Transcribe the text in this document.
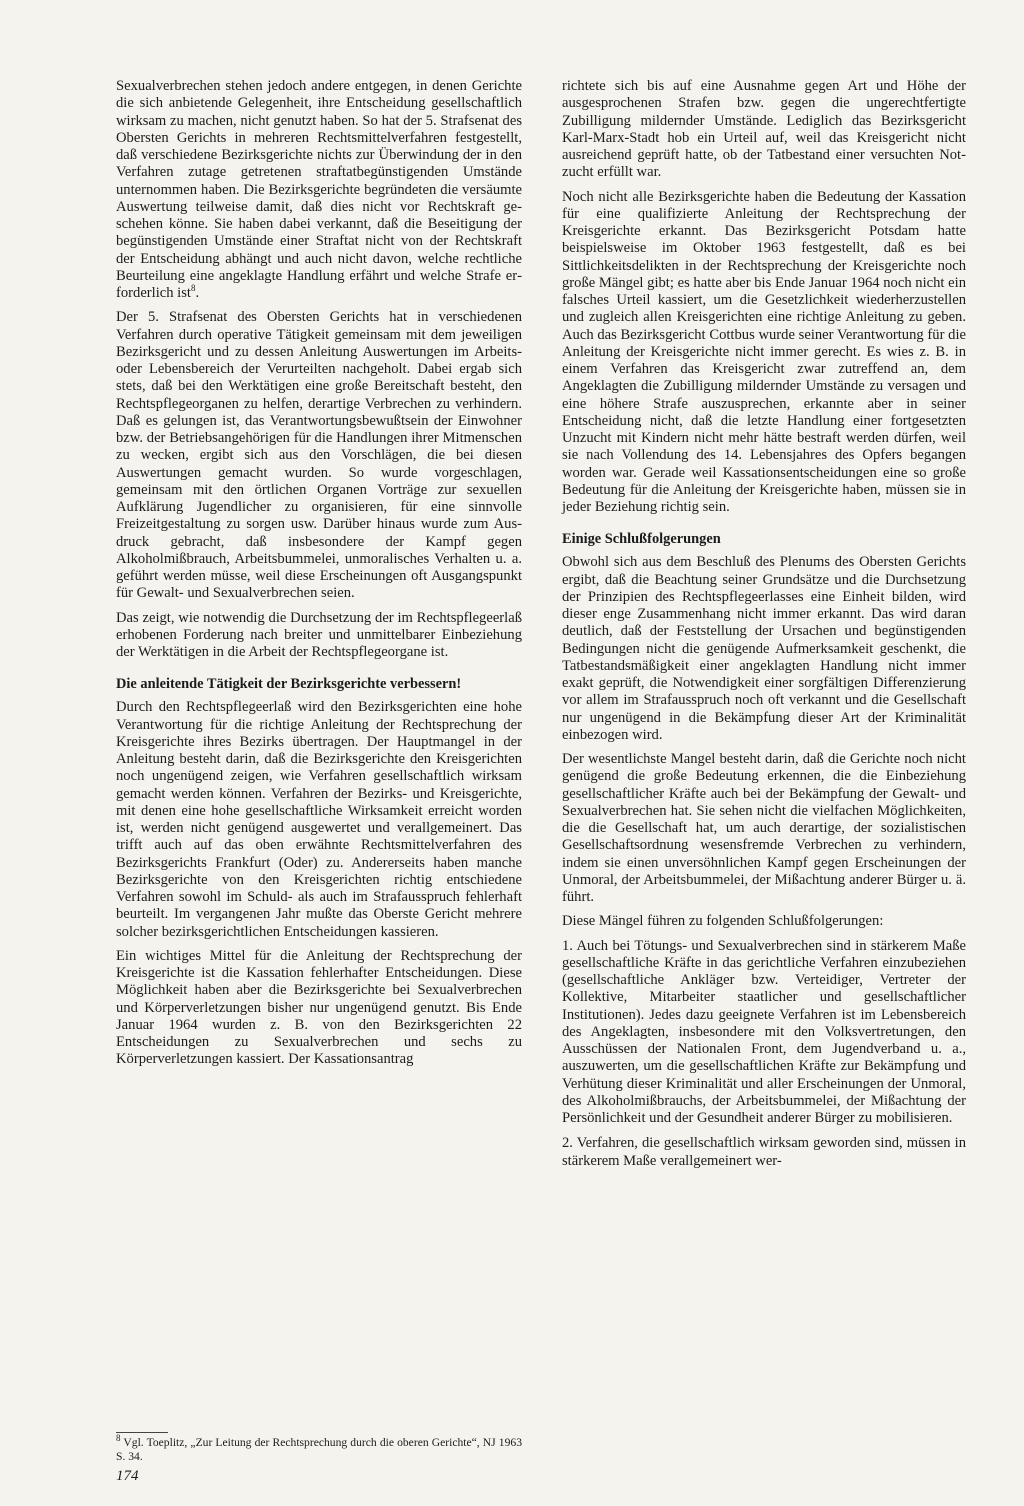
Sexualverbrechen stehen jedoch andere entgegen, in denen Gerichte die sich anbietende Gelegenheit, ihre Entscheidung gesellschaftlich wirksam zu machen, nicht genutzt haben. So hat der 5. Strafsenat des Obersten Gerichts in mehreren Rechtsmittelverfahren festgestellt, daß verschiedene Bezirksgerichte nichts zur Überwindung der in den Verfahren zutage getretenen straftatbegünstigenden Umstände unternommen haben. Die Bezirksgerichte begründeten die versäumte Auswertung teilweise damit, daß dies nicht vor Rechtskraft geschehen könne. Sie haben dabei verkannt, daß die Beseitigung der begünstigenden Umstände einer Straftat nicht von der Rechtskraft der Entscheidung abhängt und auch nicht davon, welche rechtliche Beurteilung eine angeklagte Handlung erfährt und welche Strafe erforderlich ist$^8$.

Der 5. Strafsenat des Obersten Gerichts hat in verschiedenen Verfahren durch operative Tätigkeit gemeinsam mit dem jeweiligen Bezirksgericht und zu dessen Anleitung Auswertungen im Arbeits- oder Lebensbereich der Verurteilten nachgeholt. Dabei ergab sich stets, daß bei den Werktätigen eine große Bereitschaft besteht, den Rechtspflegeorganen zu helfen, derartige Verbrechen zu verhindern. Daß es gelungen ist, das Verantwortungsbewußtsein der Einwohner bzw. der Betriebsangehörigen für die Handlungen ihrer Mitmenschen zu wecken, ergibt sich aus den Vorschlägen, die bei diesen Auswertungen gemacht wurden. So wurde vorgeschlagen, gemeinsam mit den örtlichen Organen Vorträge zur sexuellen Aufklärung Jugendlicher zu organisieren, für eine sinnvolle Freizeitgestaltung zu sorgen usw. Darüber hinaus wurde zum Ausdruck gebracht, daß insbesondere der Kampf gegen Alkoholmißbrauch, Arbeitsbummelei, unmoralisches Verhalten u. a. geführt werden müsse, weil diese Erscheinungen oft Ausgangspunkt für Gewalt- und Sexualverbrechen seien.

Das zeigt, wie notwendig die Durchsetzung der im Rechtspflegeerlaß erhobenen Forderung nach breiter und unmittelbarer Einbeziehung der Werktätigen in die Arbeit der Rechtspflegeorgane ist.

Die anleitende Tätigkeit der Bezirksgerichte verbessern!

Durch den Rechtspflegeerlaß wird den Bezirksgerichten eine hohe Verantwortung für die richtige Anleitung der Rechtsprechung der Kreisgerichte ihres Bezirks übertragen. Der Hauptmangel in der Anleitung besteht darin, daß die Bezirksgerichte den Kreisgerichten noch ungenügend zeigen, wie Verfahren gesellschaftlich wirksam gemacht werden können. Verfahren der Bezirks- und Kreisgerichte, mit denen eine hohe gesellschaftliche Wirksamkeit erreicht worden ist, werden nicht genügend ausgewertet und verallgemeinert. Das trifft auch auf das oben erwähnte Rechtsmittelverfahren des Bezirksgerichts Frankfurt (Oder) zu. Andererseits haben manche Bezirksgerichte von den Kreisgerichten richtig entschiedene Verfahren sowohl im Schuld- als auch im Strafausspruch fehlerhaft beurteilt. Im vergangenen Jahr mußte das Oberste Gericht mehrere solcher bezirksgerichtlichen Entscheidungen kassieren.

Ein wichtiges Mittel für die Anleitung der Rechtsprechung der Kreisgerichte ist die Kassation fehlerhafter Entscheidungen. Diese Möglichkeit haben aber die Bezirksgerichte bei Sexualverbrechen und Körperverletzungen bisher nur ungenügend genutzt. Bis Ende Januar 1964 wurden z. B. von den Bezirksgerichten 22 Entscheidungen zu Sexualverbrechen und sechs zu Körperverletzungen kassiert. Der Kassationsantrag

richtete sich bis auf eine Ausnahme gegen Art und Höhe der ausgesprochenen Strafen bzw. gegen die ungerechtfertigte Zubilligung mildernder Umstände. Lediglich das Bezirksgericht Karl-Marx-Stadt hob ein Urteil auf, weil das Kreisgericht nicht ausreichend geprüft hatte, ob der Tatbestand einer versuchten Notzucht erfüllt war.

Noch nicht alle Bezirksgerichte haben die Bedeutung der Kassation für eine qualifizierte Anleitung der Rechtsprechung der Kreisgerichte erkannt. Das Bezirksgericht Potsdam hatte beispielsweise im Oktober 1963 festgestellt, daß es bei Sittlichkeitsdelikten in der Rechtsprechung der Kreisgerichte noch große Mängel gibt; es hatte aber bis Ende Januar 1964 noch nicht ein falsches Urteil kassiert, um die Gesetzlichkeit wiederherzustellen und zugleich allen Kreisgerichten eine richtige Anleitung zu geben. Auch das Bezirksgericht Cottbus wurde seiner Verantwortung für die Anleitung der Kreisgerichte nicht immer gerecht. Es wies z. B. in einem Verfahren das Kreisgericht zwar zutreffend an, dem Angeklagten die Zubilligung mildernder Umstände zu versagen und eine höhere Strafe auszusprechen, erkannte aber in seiner Entscheidung nicht, daß die letzte Handlung einer fortgesetzten Unzucht mit Kindern nicht mehr hätte bestraft werden dürfen, weil sie nach Vollendung des 14. Lebensjahres des Opfers begangen worden war. Gerade weil Kassationsentscheidungen eine so große Bedeutung für die Anleitung der Kreisgerichte haben, müssen sie in jeder Beziehung richtig sein.

Einige Schlußfolgerungen

Obwohl sich aus dem Beschluß des Plenums des Obersten Gerichts ergibt, daß die Beachtung seiner Grundsätze und die Durchsetzung der Prinzipien des Rechtspflegeerlasses eine Einheit bilden, wird dieser enge Zusammenhang nicht immer erkannt. Das wird daran deutlich, daß der Feststellung der Ursachen und begünstigenden Bedingungen nicht die genügende Aufmerksamkeit geschenkt, die Tatbestandsmäßigkeit einer angeklagten Handlung nicht immer exakt geprüft, die Notwendigkeit einer sorgfältigen Differenzierung vor allem im Strafausspruch noch oft verkannt und die Gesellschaft nur ungenügend in die Bekämpfung dieser Art der Kriminalität einbezogen wird.

Der wesentlichste Mangel besteht darin, daß die Gerichte noch nicht genügend die große Bedeutung erkennen, die die Einbeziehung gesellschaftlicher Kräfte auch bei der Bekämpfung der Gewalt- und Sexualverbrechen hat. Sie sehen nicht die vielfachen Möglichkeiten, die die Gesellschaft hat, um auch derartige, der sozialistischen Gesellschaftsordnung wesensfremde Verbrechen zu verhindern, indem sie einen unversöhnlichen Kampf gegen Erscheinungen der Unmoral, der Arbeitsbummelei, der Mißachtung anderer Bürger u. ä. führt.

Diese Mängel führen zu folgenden Schlußfolgerungen:

1. Auch bei Tötungs- und Sexualverbrechen sind in stärkerem Maße gesellschaftliche Kräfte in das gerichtliche Verfahren einzubeziehen (gesellschaftliche Ankläger bzw. Verteidiger, Vertreter der Kollektive, Mitarbeiter staatlicher und gesellschaftlicher Institutionen). Jedes dazu geeignete Verfahren ist im Lebensbereich des Angeklagten, insbesondere mit den Volksvertretungen, den Ausschüssen der Nationalen Front, dem Jugendverband u. a., auszuwerten, um die gesellschaftlichen Kräfte zur Bekämpfung und Verhütung dieser Kriminalität und aller Erscheinungen der Unmoral, des Alkoholmißbrauchs, der Arbeitsbummelei, der Mißachtung der Persönlichkeit und der Gesundheit anderer Bürger zu mobilisieren.

2. Verfahren, die gesellschaftlich wirksam geworden sind, müssen in stärkerem Maße verallgemeinert wer-

$^8$ Vgl. Toeplitz, „Zur Leitung der Rechtsprechung durch die oberen Gerichte“, NJ 1963 S. 34.
174
